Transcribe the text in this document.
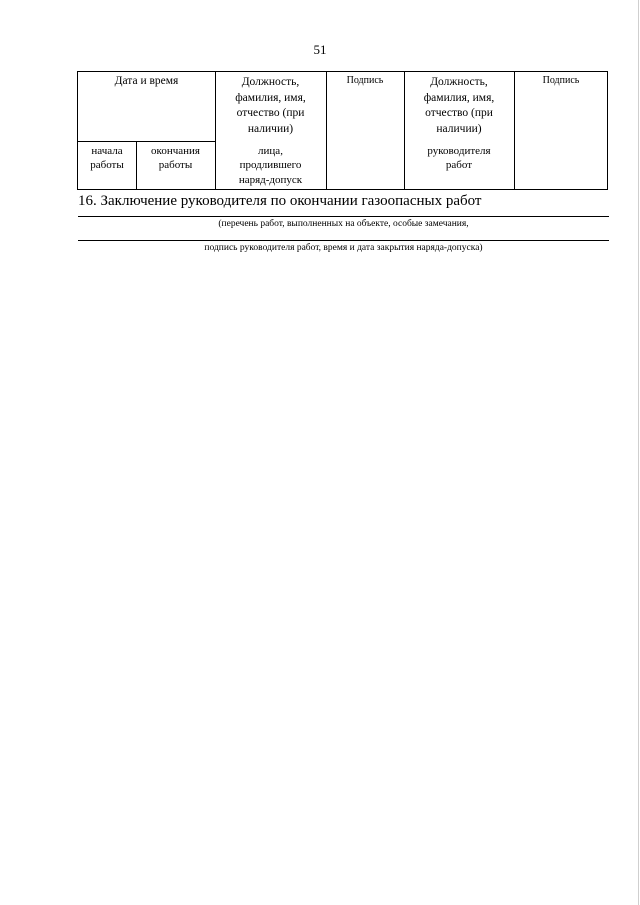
51
Дата и время
начала
работы
окончания
работы
Должность,
фамилия, имя,
отчество (при
наличии)
лица,
продлившего
наряд-допуск
Подпись	Должность,
фамилия, имя,
отчество (при
наличии)
руководителя
работ
Подпись
16. Заключение руководителя по окончании газоопасных работ
(перечень работ, выполненных на объекте, особые замечания,
подпись руководителя работ, время и дата закрытия наряда-допуска)
